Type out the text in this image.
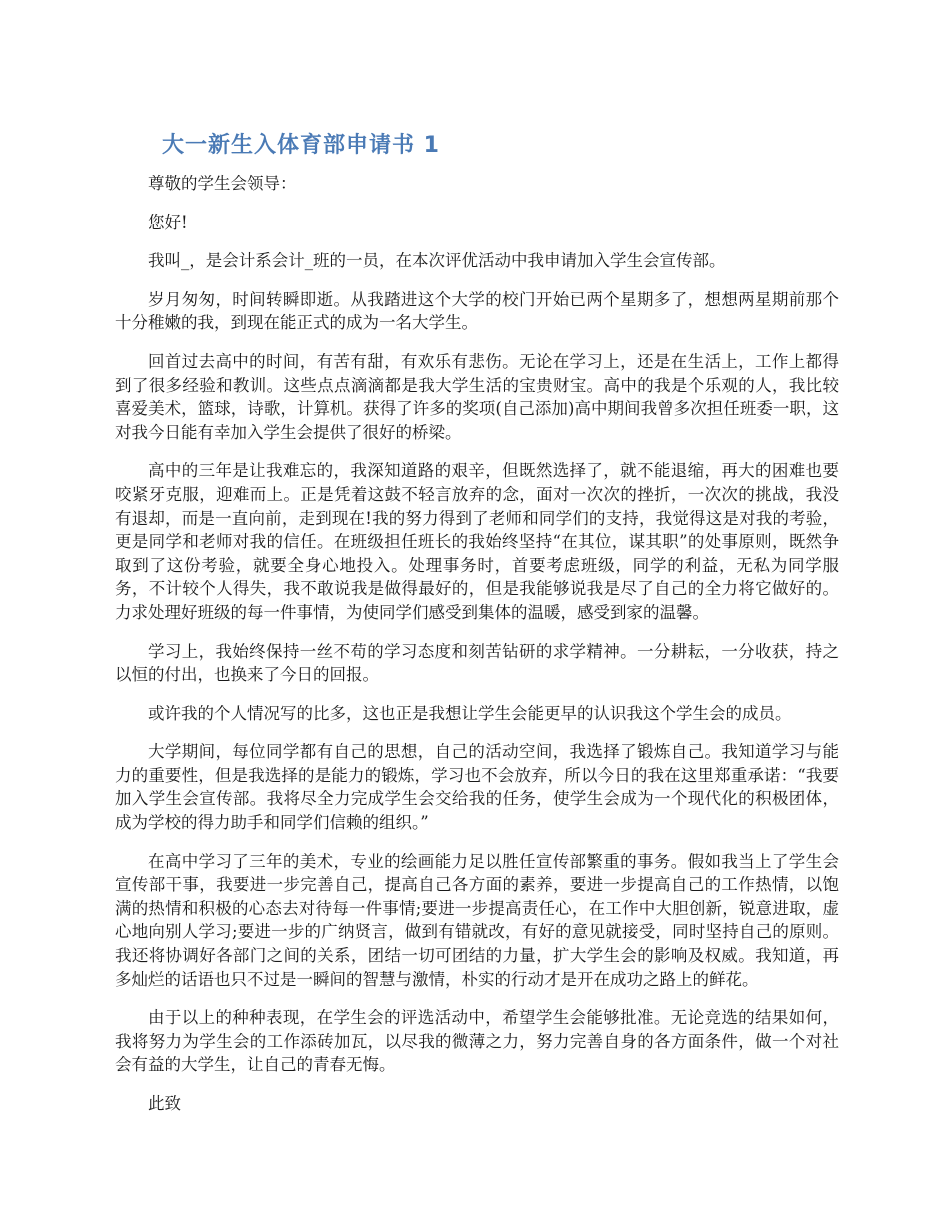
大一新生入体育部申请书 1

尊敬的学生会领导：

您好!

我叫_，是会计系会计_班的一员，在本次评优活动中我申请加入学生会宣传部。

岁月匆匆，时间转瞬即逝。从我踏进这个大学的校门开始已两个星期多了，想想两星期前那个十分稚嫩的我，到现在能正式的成为一名大学生。

回首过去高中的时间，有苦有甜，有欢乐有悲伤。无论在学习上，还是在生活上，工作上都得到了很多经验和教训。这些点点滴滴都是我大学生活的宝贵财宝。高中的我是个乐观的人，我比较喜爱美术，篮球，诗歌，计算机。获得了许多的奖项(自己添加)高中期间我曾多次担任班委一职，这对我今日能有幸加入学生会提供了很好的桥梁。

高中的三年是让我难忘的，我深知道路的艰辛，但既然选择了，就不能退缩，再大的困难也要咬紧牙克服，迎难而上。正是凭着这鼓不轻言放弃的念，面对一次次的挫折，一次次的挑战，我没有退却，而是一直向前，走到现在!我的努力得到了老师和同学们的支持，我觉得这是对我的考验，更是同学和老师对我的信任。在班级担任班长的我始终坚持“在其位，谋其职”的处事原则，既然争取到了这份考验，就要全身心地投入。处理事务时，首要考虑班级，同学的利益，无私为同学服务，不计较个人得失，我不敢说我是做得最好的，但是我能够说我是尽了自己的全力将它做好的。力求处理好班级的每一件事情，为使同学们感受到集体的温暖，感受到家的温馨。

学习上，我始终保持一丝不苟的学习态度和刻苦钻研的求学精神。一分耕耘，一分收获，持之以恒的付出，也换来了今日的回报。

或许我的个人情况写的比多，这也正是我想让学生会能更早的认识我这个学生会的成员。

大学期间，每位同学都有自己的思想，自己的活动空间，我选择了锻炼自己。我知道学习与能力的重要性，但是我选择的是能力的锻炼，学习也不会放弃，所以今日的我在这里郑重承诺：“我要加入学生会宣传部。我将尽全力完成学生会交给我的任务，使学生会成为一个现代化的积极团体，成为学校的得力助手和同学们信赖的组织。”

在高中学习了三年的美术，专业的绘画能力足以胜任宣传部繁重的事务。假如我当上了学生会宣传部干事，我要进一步完善自己，提高自己各方面的素养，要进一步提高自己的工作热情，以饱满的热情和积极的心态去对待每一件事情;要进一步提高责任心，在工作中大胆创新，锐意进取，虚心地向别人学习;要进一步的广纳贤言，做到有错就改，有好的意见就接受，同时坚持自己的原则。我还将协调好各部门之间的关系，团结一切可团结的力量，扩大学生会的影响及权威。我知道，再多灿烂的话语也只不过是一瞬间的智慧与激情，朴实的行动才是开在成功之路上的鲜花。

由于以上的种种表现，在学生会的评选活动中，希望学生会能够批准。无论竞选的结果如何，我将努力为学生会的工作添砖加瓦，以尽我的微薄之力，努力完善自身的各方面条件，做一个对社会有益的大学生，让自己的青春无悔。

此致
